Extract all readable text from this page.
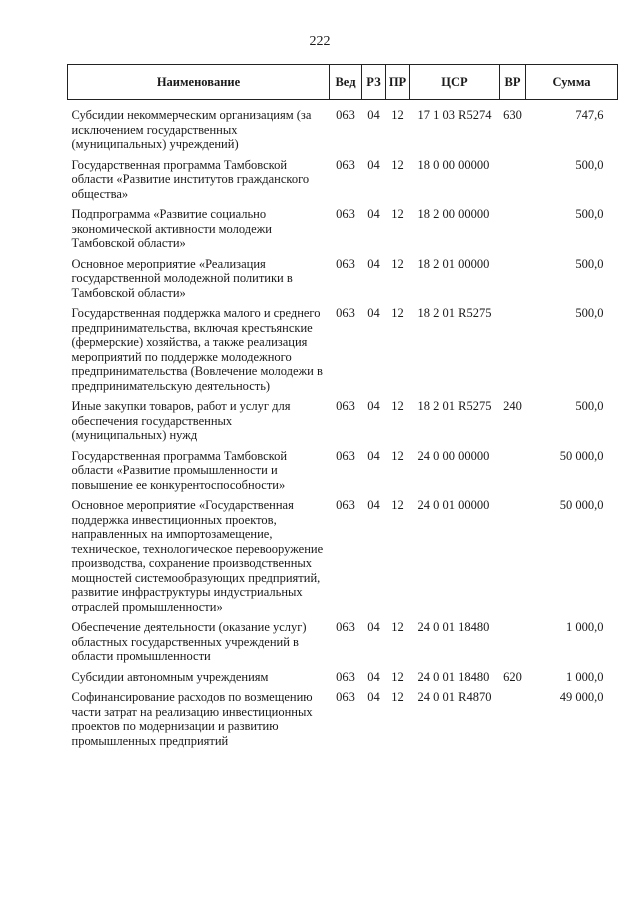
222
Наименование	Вед	РЗ	ПР	ЦСР	ВР	Сумма
Субсидии некоммерческим организациям (за исключением государственных (муниципальных) учреждений)	063	04	12	17 1 03 R5274	630	747,6
Государственная программа Тамбовской области «Развитие институтов гражданского общества»	063	04	12	18 0 00 00000		500,0
Подпрограмма «Развитие социально экономической активности молодежи Тамбовской области»	063	04	12	18 2 00 00000		500,0
Основное мероприятие «Реализация государственной молодежной политики в Тамбовской области»	063	04	12	18 2 01 00000		500,0
Государственная поддержка малого и среднего предпринимательства, включая крестьянские (фермерские) хозяйства, а также реализация мероприятий по поддержке молодежного предпринимательства (Вовлечение молодежи в предпринимательскую деятельность)	063	04	12	18 2 01 R5275		500,0
Иные закупки товаров, работ и услуг для обеспечения государственных (муниципальных) нужд	063	04	12	18 2 01 R5275	240	500,0
Государственная программа Тамбовской области «Развитие промышленности и повышение ее конкурентоспособности»	063	04	12	24 0 00 00000		50 000,0
Основное мероприятие «Государственная поддержка инвестиционных проектов, направленных на импортозамещение, техническое, технологическое перевооружение производства, сохранение производственных мощностей системообразующих предприятий, развитие инфраструктуры индустриальных отраслей промышленности»	063	04	12	24 0 01 00000		50 000,0
Обеспечение деятельности (оказание услуг) областных государственных учреждений в области промышленности	063	04	12	24 0 01 18480		1 000,0
Субсидии автономным учреждениям	063	04	12	24 0 01 18480	620	1 000,0
Софинансирование расходов по возмещению части затрат на реализацию инвестиционных проектов по модернизации и развитию промышленных предприятий	063	04	12	24 0 01 R4870		49 000,0
